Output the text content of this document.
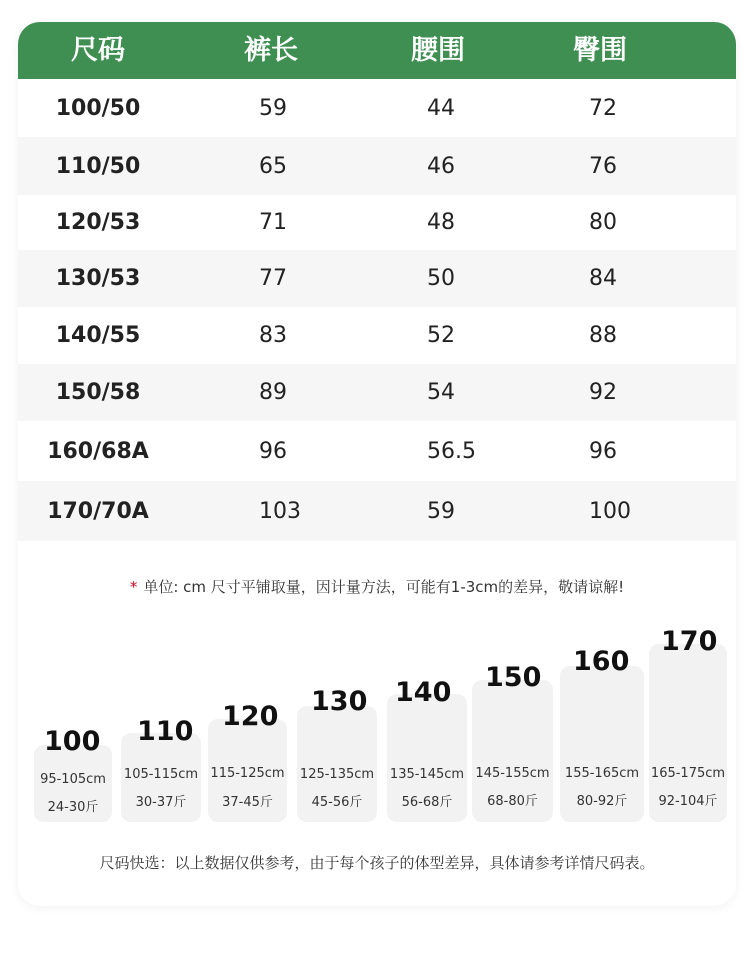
尺码	裤长	腰围	臀围
100/50	59	44	72
110/50	65	46	76
120/53	71	48	80
130/53	77	50	84
140/55	83	52	88
150/58	89	54	92
160/68A	96	56.5	96
170/70A	103	59	100
* 单位: cm 尺寸平铺取量，因计量方法，可能有1-3cm的差异，敬请谅解!
100
95-105cm
24-30斤
110
105-115cm
30-37斤
120
115-125cm
37-45斤
130
125-135cm
45-56斤
140
135-145cm
56-68斤
150
145-155cm
68-80斤
160
155-165cm
80-92斤
170
165-175cm
92-104斤
尺码快选：以上数据仅供参考，由于每个孩子的体型差异，具体请参考详情尺码表。
